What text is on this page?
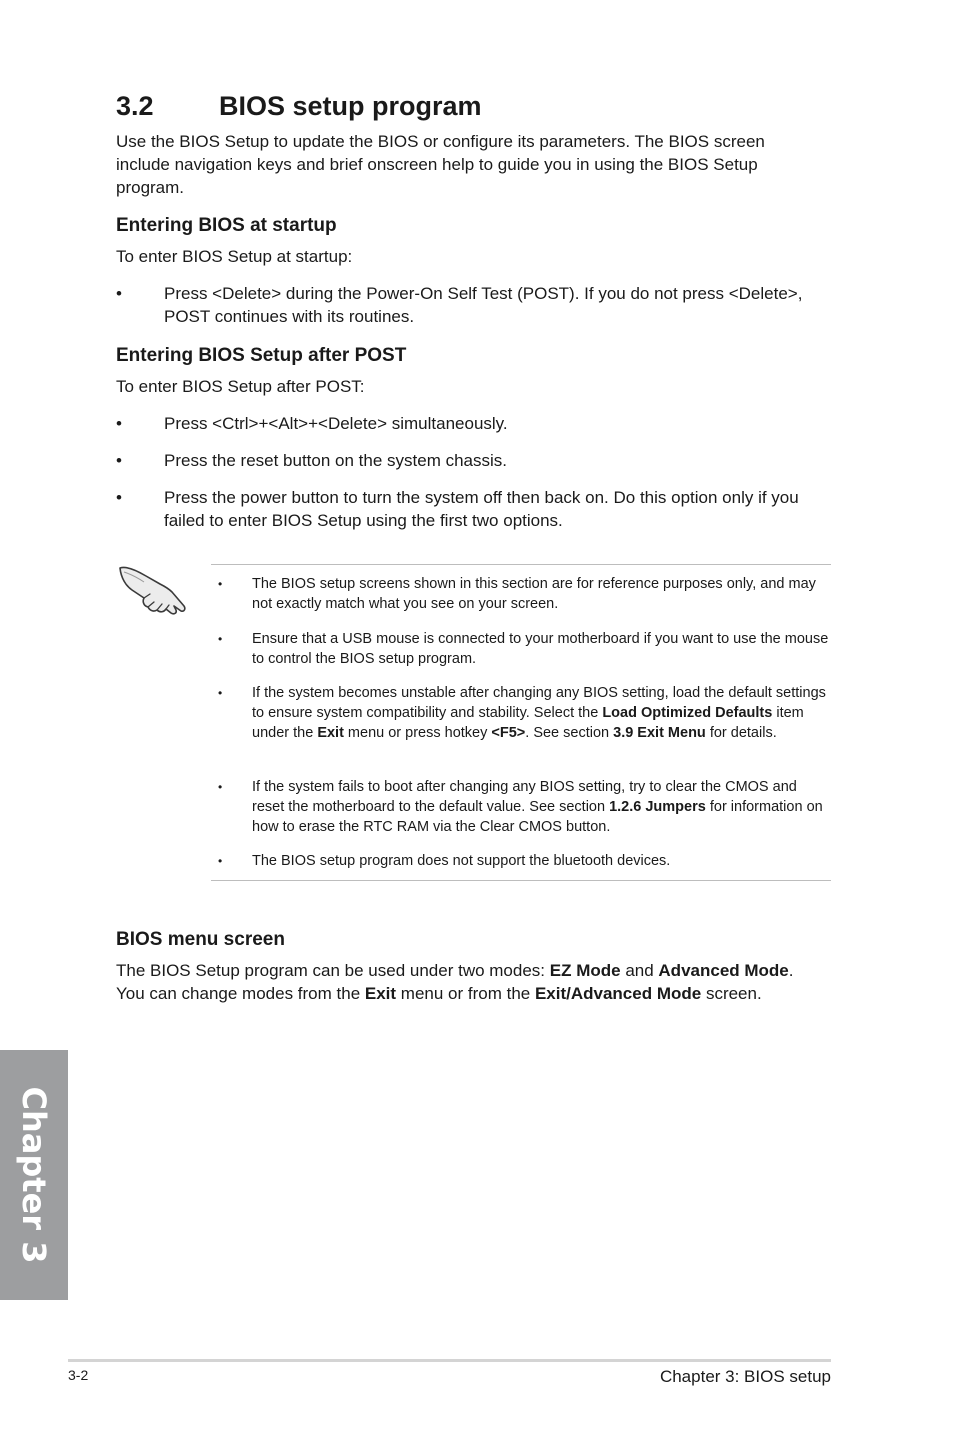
3.2 BIOS setup program

Use the BIOS Setup to update the BIOS or configure its parameters. The BIOS screen include navigation keys and brief onscreen help to guide you in using the BIOS Setup program.

Entering BIOS at startup

To enter BIOS Setup at startup:

• Press <Delete> during the Power-On Self Test (POST). If you do not press <Delete>, POST continues with its routines.

Entering BIOS Setup after POST

To enter BIOS Setup after POST:

• Press <Ctrl>+<Alt>+<Delete> simultaneously.

• Press the reset button on the system chassis.

• Press the power button to turn the system off then back on. Do this option only if you failed to enter BIOS Setup using the first two options.

• The BIOS setup screens shown in this section are for reference purposes only, and may not exactly match what you see on your screen.

• Ensure that a USB mouse is connected to your motherboard if you want to use the mouse to control the BIOS setup program.

• If the system becomes unstable after changing any BIOS setting, load the default settings to ensure system compatibility and stability. Select the Load Optimized Defaults item under the Exit menu or press hotkey <F5>. See section 3.9 Exit Menu for details.

• If the system fails to boot after changing any BIOS setting, try to clear the CMOS and reset the motherboard to the default value. See section 1.2.6 Jumpers for information on how to erase the RTC RAM via the Clear CMOS button.

• The BIOS setup program does not support the bluetooth devices.

BIOS menu screen

The BIOS Setup program can be used under two modes: EZ Mode and Advanced Mode. You can change modes from the Exit menu or from the Exit/Advanced Mode screen.

Chapter 3
3-2	Chapter 3: BIOS setup
